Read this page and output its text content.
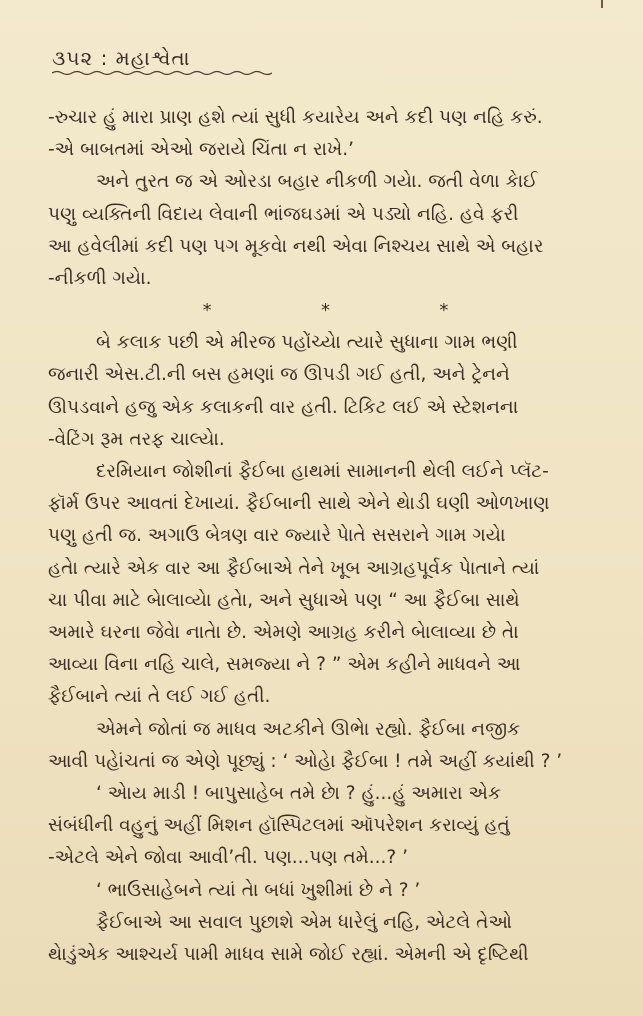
૩૫૨ : મહાશ્વેતા

-રુચાર હું મારા પ્રાણ હશે ત્યાં સુધી કયારેય અને કદી પણ નહિ કરું.
-એ બાબતમાં એઓ જરાયે ચિંતા ન રાખે.’

અને તુરત જ એ ઓરડા બહાર નીકળી ગયેા. જતી વેળા કેાઈ
પણુ વ્યક્તિની વિદાય લેવાની ભાંજઘડમાં એ પડ્યો નહિ. હવે ફરી
આ હવેલીમાં કદી પણ પગ મૂકવેા નથી એવા નિશ્ચય સાથે એ બહાર
-નીકળી ગયેા.

*	*	*

બે કલાક પછી એ મીરજ પહોંચ્યેા ત્યારે સુધાના ગામ ભણી
જનારી એસ.ટી.ની બસ હમણાં જ ઊપડી ગઈ હતી, અને ટ્રેનને
ઊપડવાને હજુ એક કલાકની વાર હતી. ટિકિટ લઈ એ સ્ટેશનના
-વેટિંગ રૂમ તરફ ચાલ્યેા.

દરમિયાન જોશીનાં ફૈઈબા હાથમાં સામાનની થેલી લઈને પ્લૅટ-
ફૉર્મ ઉપર આવતાં દેખાયાં. ફૈઈબાની સાથે એને થેાડી ઘણી ઓળખાણ
પણુ હતી જ. અગાઉ બેત્રણ વાર જ્યારે પેાતે સસરાને ગામ ગયેા
હતેા ત્યારે એક વાર આ ફૈઈબાએ તેને ખૂબ આગ્રહપૂર્વક પેાતાને ત્યાં
ચા પીવા માટે બેાલાવ્યેા હતેા, અને સુધાએ પણ “ આ ફૈઈબા સાથે
અમારે ઘરના જેવેા નાતેા છે. એમણે આગ્રહ કરીને બેાલાવ્યા છે તેા
આવ્યા વિના નહિ ચાલે, સમજ્યા ને ? ” એમ કહીને માધવને આ
ફૈઈબાને ત્યાં તે લઈ ગઈ હતી.

એમને જોતાં જ માધવ અટકીને ઊભેા રહ્યો. ફૈઈબા નજીક
આવી પહેાંચતાં જ એણે પૂછ્યું : ‘ ઓહેા ફૈઈબા ! તમે અહીં કયાંથી ? ’

‘ એાય માડી ! બાપુસાહેબ તમે છેા ? હું...હું અમારા એક
સંબંધીની વહુનું અહીં મિશન હૉસ્પિટલમાં ઑપરેશન કરાવ્યું હતું
-એટલે એને જોવા આવી’તી. પણ...પણ તમે...? ’

‘ ભાઉસાહેબને ત્યાં તેા બધાં ખુશીમાં છે ને ? ’

ફૈઈબાએ આ સવાલ પુછાશે એમ ધારેલું નહિ, એટલે તેઓ
થેાડુંએક આશ્ચર્ય પામી માધવ સામે જોઈ રહ્યાં. એમની એ દૃષ્ટિથી
